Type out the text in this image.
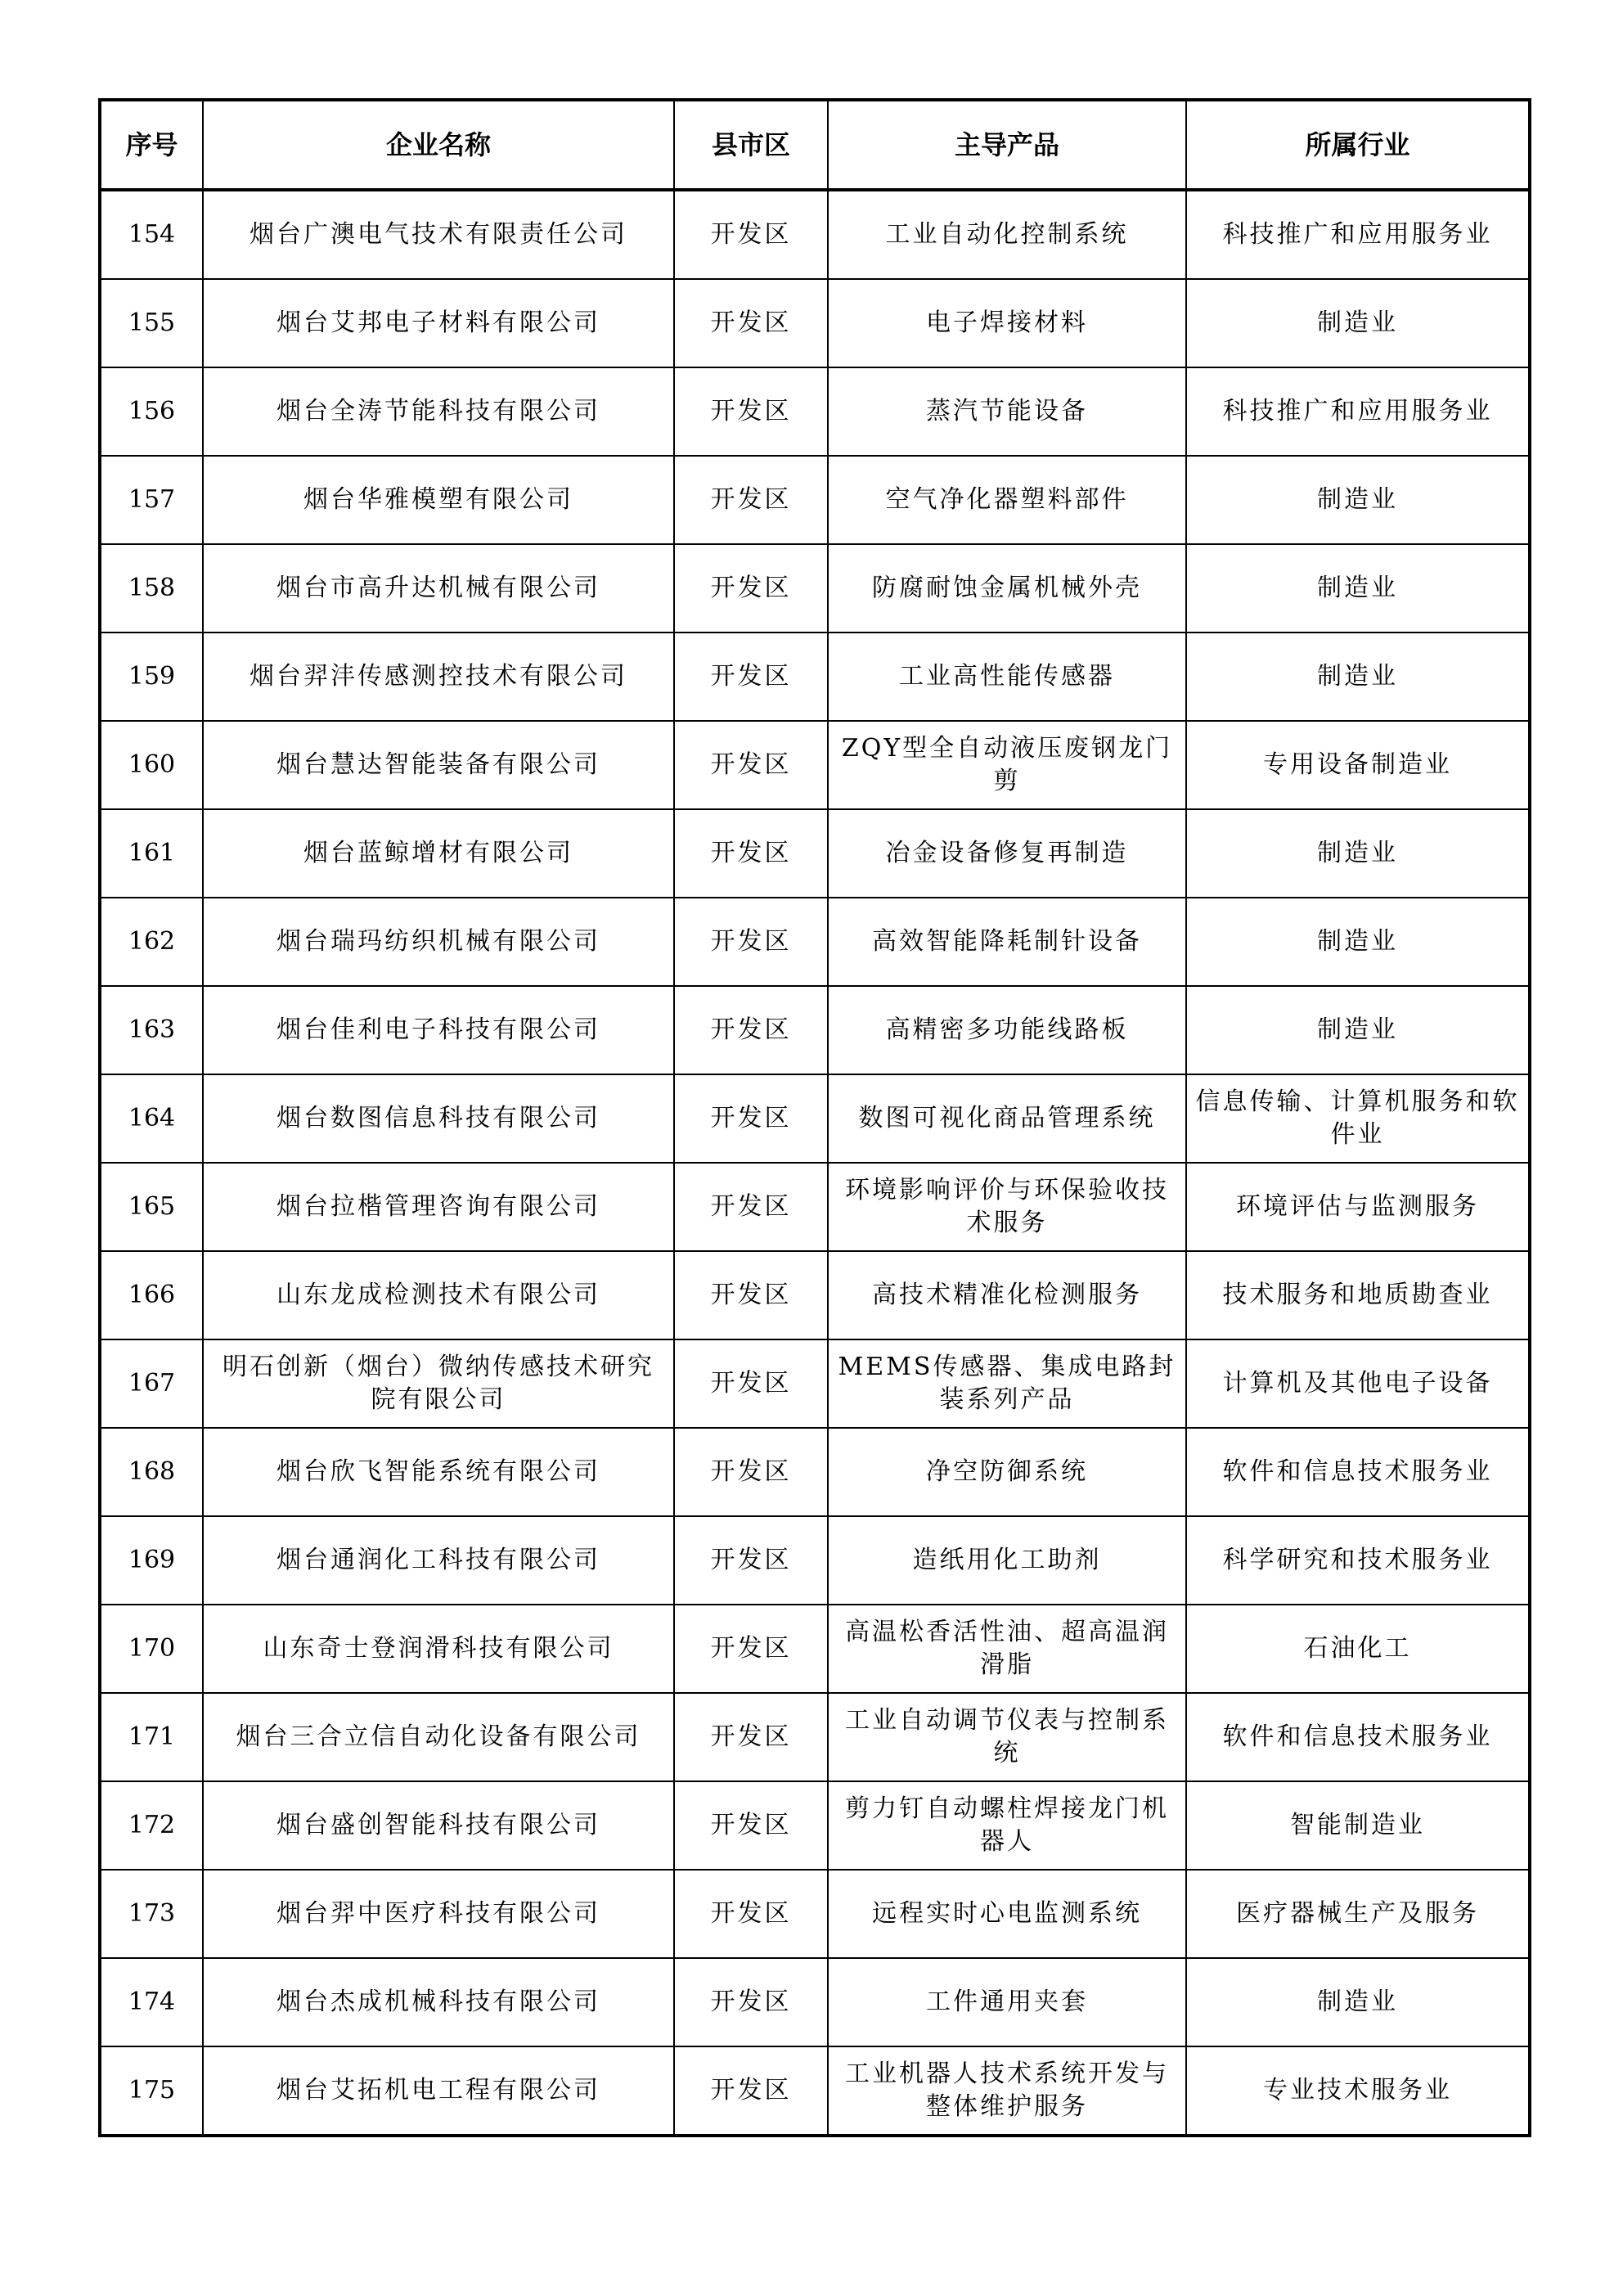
序号	企业名称	县市区	主导产品	所属行业
154	烟台广澳电气技术有限责任公司	开发区	工业自动化控制系统	科技推广和应用服务业
155	烟台艾邦电子材料有限公司	开发区	电子焊接材料	制造业
156	烟台全涛节能科技有限公司	开发区	蒸汽节能设备	科技推广和应用服务业
157	烟台华雅模塑有限公司	开发区	空气净化器塑料部件	制造业
158	烟台市高升达机械有限公司	开发区	防腐耐蚀金属机械外壳	制造业
159	烟台羿沣传感测控技术有限公司	开发区	工业高性能传感器	制造业
160	烟台慧达智能装备有限公司	开发区	ZQY型全自动液压废钢龙门剪	专用设备制造业
161	烟台蓝鲸增材有限公司	开发区	冶金设备修复再制造	制造业
162	烟台瑞玛纺织机械有限公司	开发区	高效智能降耗制针设备	制造业
163	烟台佳利电子科技有限公司	开发区	高精密多功能线路板	制造业
164	烟台数图信息科技有限公司	开发区	数图可视化商品管理系统	信息传输、计算机服务和软件业
165	烟台拉楷管理咨询有限公司	开发区	环境影响评价与环保验收技术服务	环境评估与监测服务
166	山东龙成检测技术有限公司	开发区	高技术精准化检测服务	技术服务和地质勘查业
167	明石创新（烟台）微纳传感技术研究院有限公司	开发区	MEMS传感器、集成电路封装系列产品	计算机及其他电子设备
168	烟台欣飞智能系统有限公司	开发区	净空防御系统	软件和信息技术服务业
169	烟台通润化工科技有限公司	开发区	造纸用化工助剂	科学研究和技术服务业
170	山东奇士登润滑科技有限公司	开发区	高温松香活性油、超高温润滑脂	石油化工
171	烟台三合立信自动化设备有限公司	开发区	工业自动调节仪表与控制系统	软件和信息技术服务业
172	烟台盛创智能科技有限公司	开发区	剪力钉自动螺柱焊接龙门机器人	智能制造业
173	烟台羿中医疗科技有限公司	开发区	远程实时心电监测系统	医疗器械生产及服务
174	烟台杰成机械科技有限公司	开发区	工件通用夹套	制造业
175	烟台艾拓机电工程有限公司	开发区	工业机器人技术系统开发与整体维护服务	专业技术服务业
